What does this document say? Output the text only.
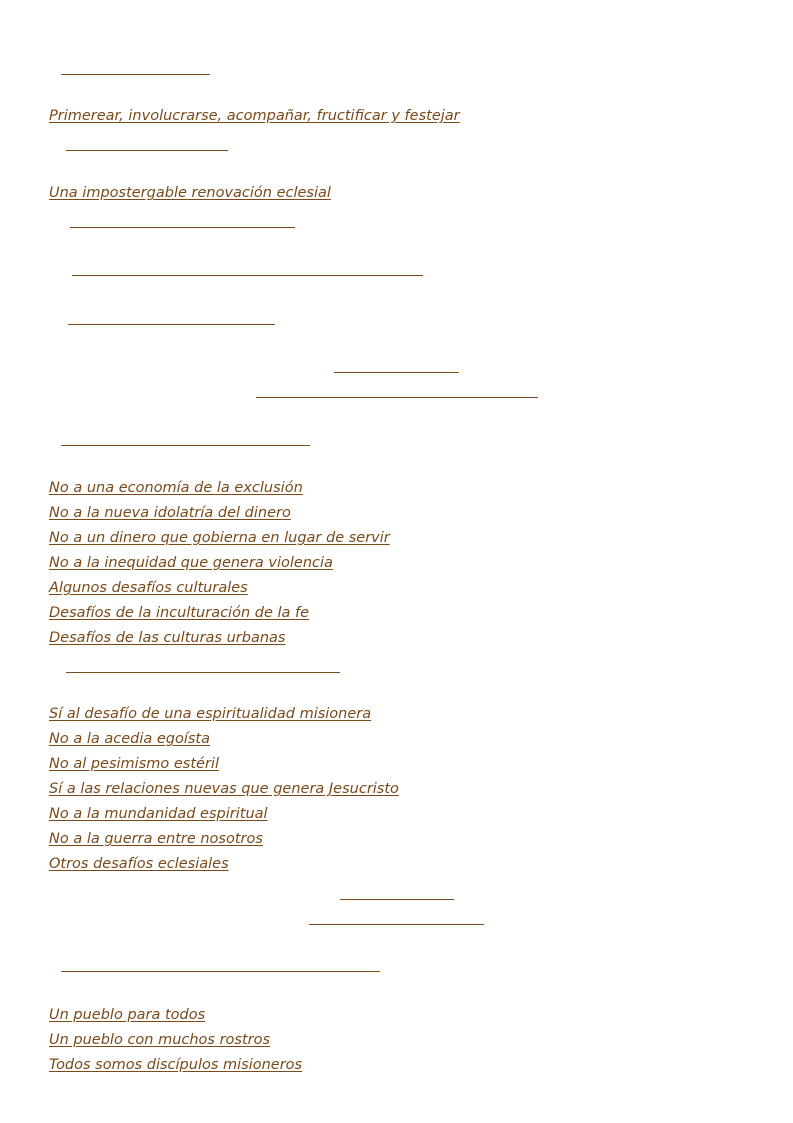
Primerear, involucrarse, acompañar, fructificar y festejar
Una impostergable renovación eclesial
No a una economía de la exclusión
No a la nueva idolatría del dinero
No a un dinero que gobierna en lugar de servir
No a la inequidad que genera violencia
Algunos desafíos culturales
Desafíos de la inculturación de la fe
Desafíos de las culturas urbanas
Sí al desafío de una espiritualidad misionera
No a la acedia egoísta
No al pesimismo estéril
Sí a las relaciones nuevas que genera Jesucristo
No a la mundanidad espiritual
No a la guerra entre nosotros
Otros desafíos eclesiales
Un pueblo para todos
Un pueblo con muchos rostros
Todos somos discípulos misioneros
